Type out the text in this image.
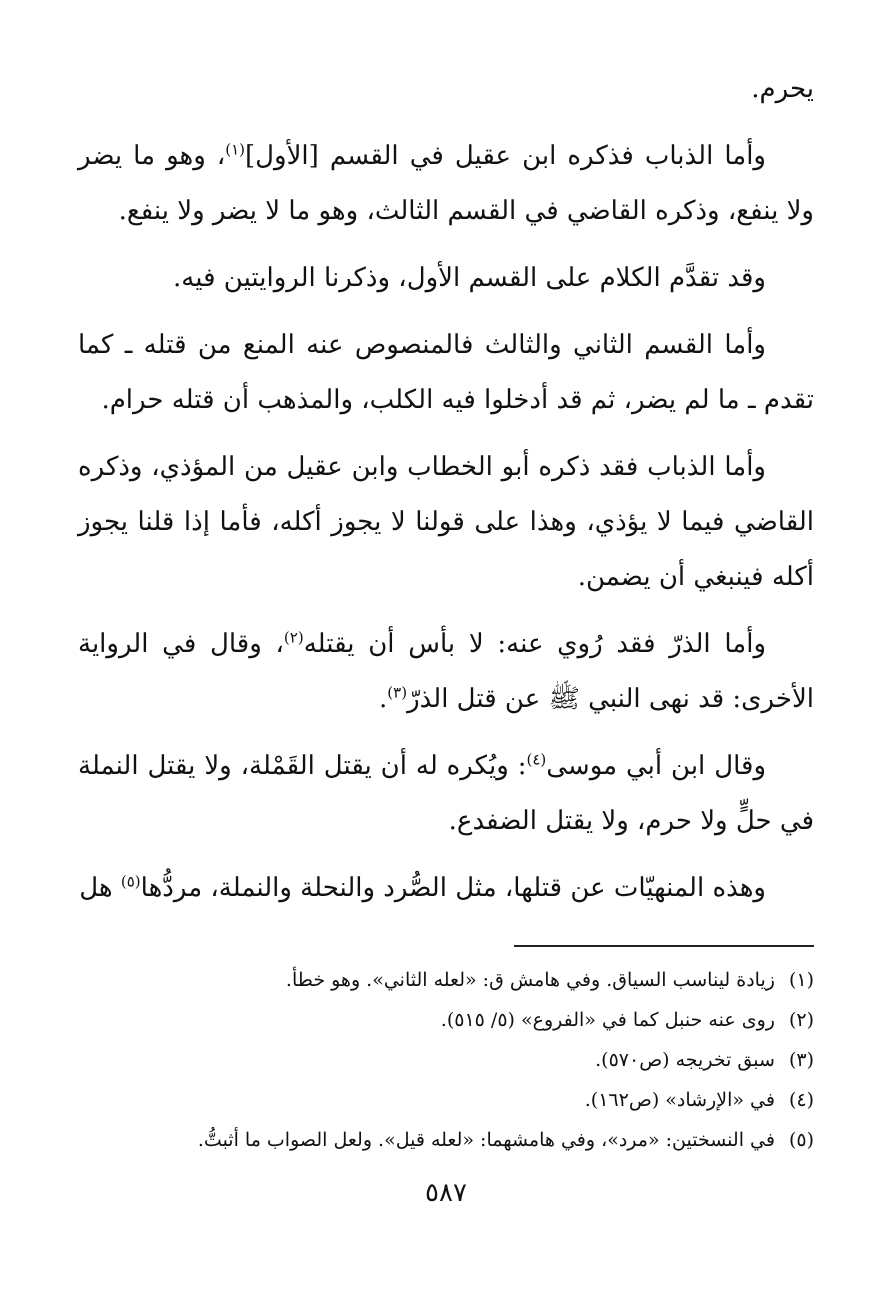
يحرم.

وأما الذباب فذكره ابن عقيل في القسم [الأول]$^{(١)}$، وهو ما يضر ولا ينفع، وذكره القاضي في القسم الثالث، وهو ما لا يضر ولا ينفع.

وقد تقدَّم الكلام على القسم الأول، وذكرنا الروايتين فيه.

وأما القسم الثاني والثالث فالمنصوص عنه المنع من قتله ـ كما تقدم ـ ما لم يضر، ثم قد أدخلوا فيه الكلب، والمذهب أن قتله حرام.

وأما الذباب فقد ذكره أبو الخطاب وابن عقيل من المؤذي، وذكره القاضي فيما لا يؤذي، وهذا على قولنا لا يجوز أكله، فأما إذا قلنا يجوز أكله فينبغي أن يضمن.

وأما الذرّ فقد رُوي عنه: لا بأس أن يقتله$^{(٢)}$، وقال في الرواية الأخرى: قد نهى النبي ﷺ عن قتل الذرّ$^{(٣)}$.

وقال ابن أبي موسى$^{(٤)}$: ويُكره له أن يقتل القَمْلة، ولا يقتل النملة في حلٍّ ولا حرم، ولا يقتل الضفدع.

وهذه المنهيّات عن قتلها، مثل الصُّرد والنحلة والنملة، مردُّها$^{(٥)}$ هل

(١)زيادة ليناسب السياق. وفي هامش ق: «لعله الثاني». وهو خطأ.
(٢)روى عنه حنبل كما في «الفروع» (٥/ ٥١٥).
(٣)سبق تخريجه (ص٥٧٠).
(٤)في «الإرشاد» (ص١٦٢).
(٥)في النسختين: «مرد»، وفي هامشهما: «لعله قيل». ولعل الصواب ما أثبتُّ.
٥٨٧
